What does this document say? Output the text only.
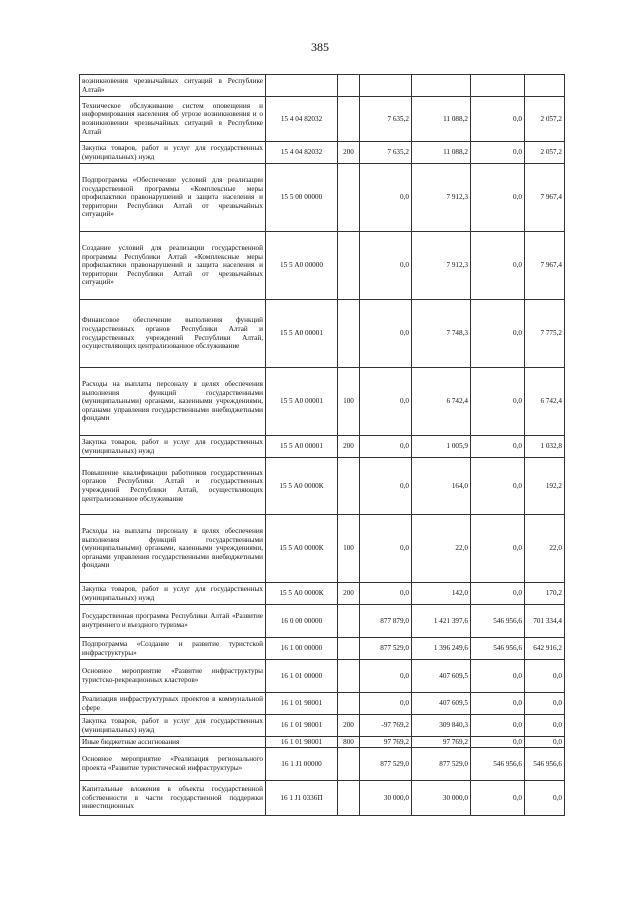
385
возникновения чрезвычайных ситуаций в Республике Алтай»						
Техническое обслуживание систем оповещения и информирования населения об угрозе возникновения и о возникновении чрезвычайных ситуаций в Республике Алтай	15 4 04 82032		7 635,2	11 088,2	0,0	2 057,2
Закупка товаров, работ и услуг для государственных (муниципальных) нужд	15 4 04 82032	200	7 635,2	11 088,2	0,0	2 057,2
Подпрограмма «Обеспечение условий для реализации государственной программы «Комплексные меры профилактики правонарушений и защита населения и территории Республики Алтай от чрезвычайных ситуаций»	15 5 00 00000		0,0	7 912,3	0,0	7 967,4
Создание условий для реализации государственной программы Республики Алтай «Комплексные меры профилактики правонарушений и защита населения и территории Республики Алтай от чрезвычайных ситуаций»	15 5 А0 00000		0,0	7 912,3	0,0	7 967,4
Финансовое обеспечение выполнения функций государственных органов Республики Алтай и государственных учреждений Республики Алтай, осуществляющих централизованное обслуживание	15 5 А0 00001		0,0	7 748,3	0,0	7 775,2
Расходы на выплаты персоналу в целях обеспечения выполнения функций государственными (муниципальными) органами, казенными учреждениями, органами управления государственными внебюджетными фондами	15 5 А0 00001	100	0,0	6 742,4	0,0	6 742,4
Закупка товаров, работ и услуг для государственных (муниципальных) нужд	15 5 А0 00001	200	0,0	1 005,9	0,0	1 032,8
Повышение квалификации работников государственных органов Республики Алтай и государственных учреждений Республики Алтай, осуществляющих централизованное обслуживание	15 5 А0 0000К		0,0	164,0	0,0	192,2
Расходы на выплаты персоналу в целях обеспечения выполнения функций государственными (муниципальными) органами, казенными учреждениями, органами управления государственными внебюджетными фондами	15 5 А0 0000К	100	0,0	22,0	0,0	22,0
Закупка товаров, работ и услуг для государственных (муниципальных) нужд	15 5 А0 0000К	200	0,0	142,0	0,0	170,2
Государственная программа Республики Алтай «Развитие внутреннего и въездного туризма»	16 0 00 00000		877 879,0	1 421 397,6	546 956,6	701 334,4
Подпрограмма «Создание и развитие туристской инфраструктуры»	16 1 00 00000		877 529,0	1 396 249,6	546 956,6	642 916,2
Основное мероприятие «Развитие инфраструктуры туристско-рекреационных кластеров»	16 1 01 00000		0,0	407 609,5	0,0	0,0
Реализация инфраструктурных проектов в коммунальной сфере	16 1 01 98001		0,0	407 609,5	0,0	0,0
Закупка товаров, работ и услуг для государственных (муниципальных) нужд	16 1 01 98001	200	-97 769,2	309 840,3	0,0	0,0
Иные бюджетные ассигнования	16 1 01 98001	800	97 769,2	97 769,2	0,0	0,0
Основное мероприятие «Реализация регионального проекта «Развитие туристической инфраструктуры»	16 1 J1 00000		877 529,0	877 529,0	546 956,6	546 956,6
Капитальные вложения в объекты государственной собственности в части государственной поддержки инвестиционных	16 1 J1 0336П		30 000,0	30 000,0	0,0	0,0
